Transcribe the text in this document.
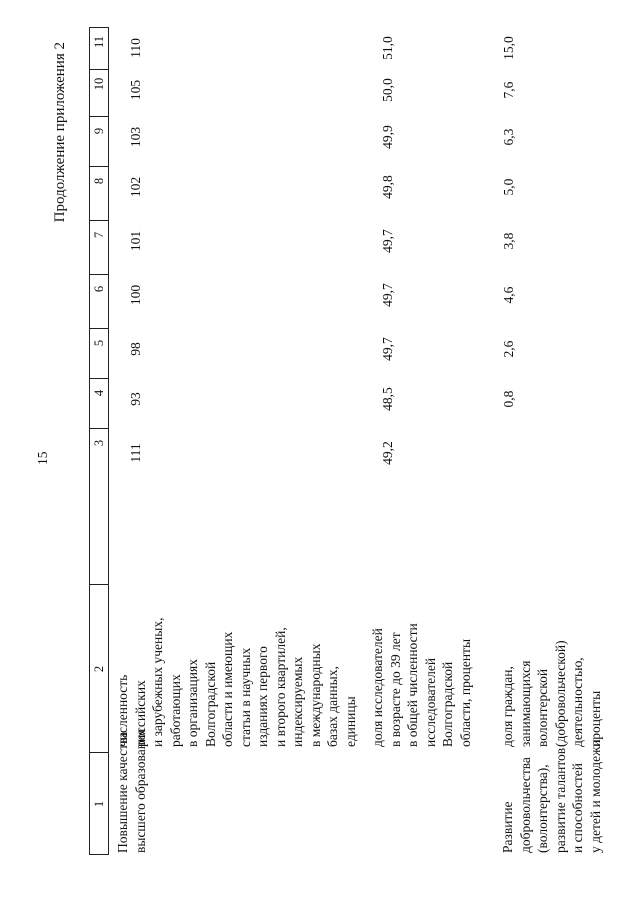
15
Продолжение приложения 2
1
2
3
4
5
6
7
8
9
10
11
Повышение качества
высшего образования
численность
российских
и зарубежных ученых,
работающих
в организациях
Волгоградской
области и имеющих
статьи в научных
изданиях первого
и второго квартилей,
индексируемых
в международных
базах данных,
единицы
111
93
98
100
101
102
103
105
110
доля исследователей
в возрасте до 39 лет
в общей численности
исследователей
Волгоградской
области, проценты
49,2
48,5
49,7
49,7
49,7
49,8
49,9
50,0
51,0
Развитие
добровольчества
(волонтерства),
развитие талантов
и способностей
у детей и молодежи
доля граждан,
занимающихся
волонтерской
(добровольческой)
деятельностью,
проценты
0,8
2,6
4,6
3,8
5,0
6,3
7,6
15,0
